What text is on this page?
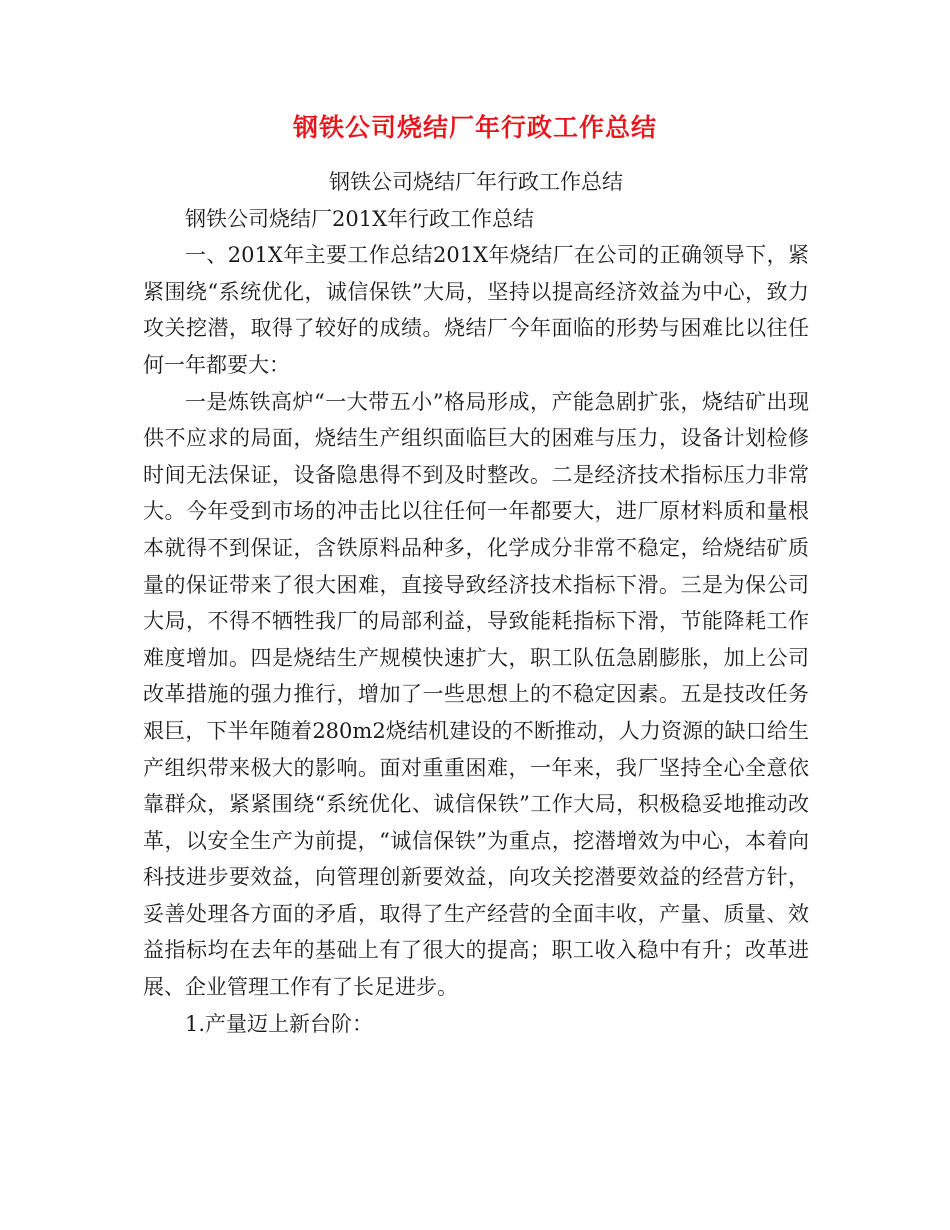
钢铁公司烧结厂年行政工作总结

钢铁公司烧结厂年行政工作总结

钢铁公司烧结厂201X年行政工作总结

一、201X年主要工作总结201X年烧结厂在公司的正确领导下，紧紧围绕“系统优化，诚信保铁”大局，坚持以提高经济效益为中心，致力攻关挖潜，取得了较好的成绩。烧结厂今年面临的形势与困难比以往任何一年都要大：

一是炼铁高炉“一大带五小”格局形成，产能急剧扩张，烧结矿出现供不应求的局面，烧结生产组织面临巨大的困难与压力，设备计划检修时间无法保证，设备隐患得不到及时整改。二是经济技术指标压力非常大。今年受到市场的冲击比以往任何一年都要大，进厂原材料质和量根本就得不到保证，含铁原料品种多，化学成分非常不稳定，给烧结矿质量的保证带来了很大困难，直接导致经济技术指标下滑。三是为保公司大局，不得不牺牲我厂的局部利益，导致能耗指标下滑，节能降耗工作难度增加。四是烧结生产规模快速扩大，职工队伍急剧膨胀，加上公司改革措施的强力推行，增加了一些思想上的不稳定因素。五是技改任务艰巨，下半年随着280m2烧结机建设的不断推动，人力资源的缺口给生产组织带来极大的影响。面对重重困难，一年来，我厂坚持全心全意依靠群众，紧紧围绕“系统优化、诚信保铁”工作大局，积极稳妥地推动改革，以安全生产为前提，“诚信保铁”为重点，挖潜增效为中心，本着向科技进步要效益，向管理创新要效益，向攻关挖潜要效益的经营方针，妥善处理各方面的矛盾，取得了生产经营的全面丰收，产量、质量、效益指标均在去年的基础上有了很大的提高；职工收入稳中有升；改革进展、企业管理工作有了长足进步。

1.产量迈上新台阶：
